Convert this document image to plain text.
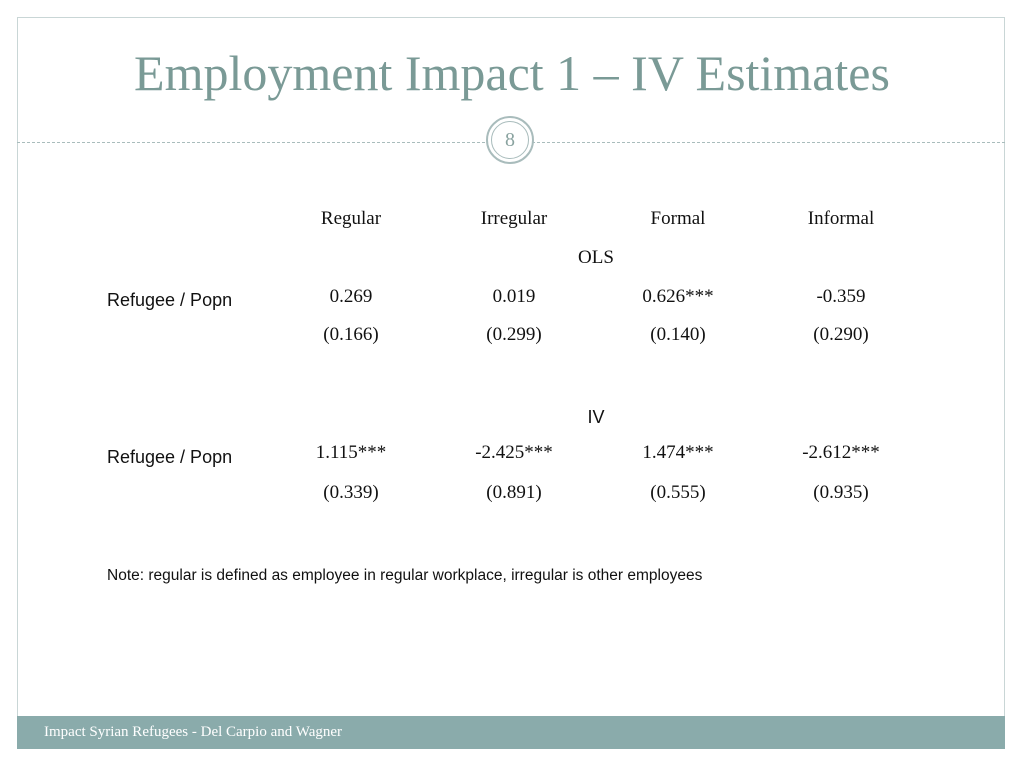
Employment Impact 1 – IV Estimates
8
Regular	Irregular	Formal	Informal
OLS
Refugee / Popn	0.269	0.019	0.626***	-0.359
(0.166)	(0.299)	(0.140)	(0.290)
IV
Refugee / Popn	1.115***	-2.425***	1.474***	-2.612***
(0.339)	(0.891)	(0.555)	(0.935)
Note: regular is defined as employee in regular workplace, irregular is other employees
Impact Syrian Refugees - Del Carpio and Wagner
